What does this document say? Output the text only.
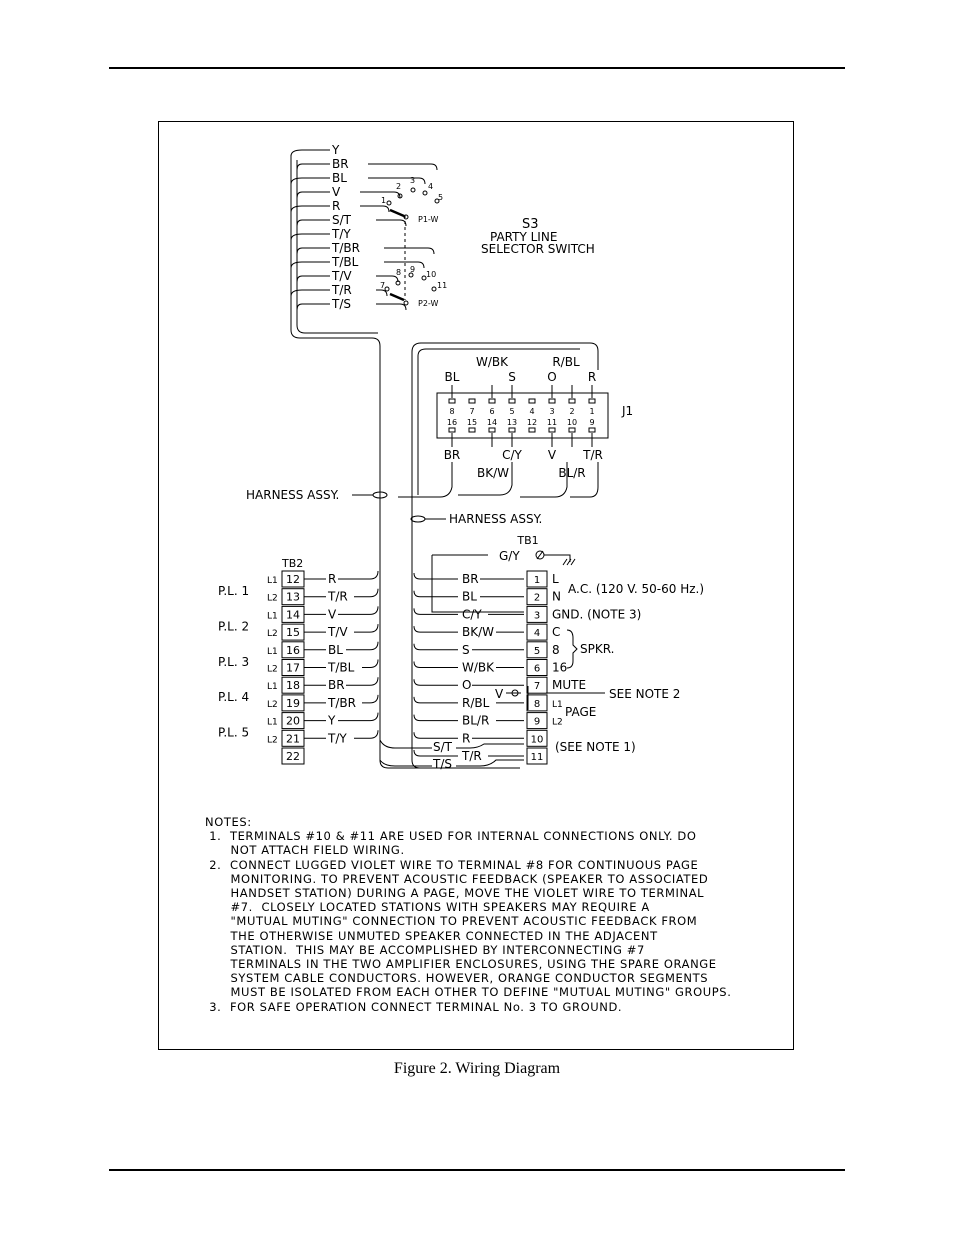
Y
BR
BL
V
R
S/T
T/Y
T/BR
T/BL
T/V
T/R
T/S
1
2
3
4
5
7
8 9
10
11
P1-W
P2-W
S3
PARTY LINE
SELECTOR SWITCH
8 7 6 5 4 3 2 1
16 15 14 13 12 11 10 9
J1
BL
W/BK
S	O
R/BL
R
BR	C/Y
BK/W
V
BL/R
T/R
HARNESS ASSY.
HARNESS ASSY.
TB2
12
L1	R
13
L2	T/R
14
L1	V
15
L2	T/V
16
L1	BL
17
L2	T/BL
18
L1	BR
19
L2	T/BR
20
L1	Y
21
L2	T/Y
22
P.L. 1
P.L. 2
P.L. 3
P.L. 4
P.L. 5
TB1
G/Y
1
BR	L
2
BL	N
3
C/Y	GND. (NOTE 3)
4
BK/W	C
5
S	8
6
W/BK	16
7
O	MUTE
8
R/BL	L1
9
BL/R	L2
10
R
11
T/R
A.C. (120 V. 50-60 Hz.)
SPKR.
PAGE
SEE NOTE 2
(SEE NOTE 1)
V
S/T
T/S
NOTES:
1.  TERMINALS #10 & #11 ARE USED FOR INTERNAL CONNECTIONS ONLY. DO
NOT ATTACH FIELD WIRING.
2.  CONNECT LUGGED VIOLET WIRE TO TERMINAL #8 FOR CONTINUOUS PAGE
MONITORING. TO PREVENT ACOUSTIC FEEDBACK (SPEAKER TO ASSOCIATED
HANDSET STATION) DURING A PAGE, MOVE THE VIOLET WIRE TO TERMINAL
#7.  CLOSELY LOCATED STATIONS WITH SPEAKERS MAY REQUIRE A
"MUTUAL MUTING" CONNECTION TO PREVENT ACOUSTIC FEEDBACK FROM
THE OTHERWISE UNMUTED SPEAKER CONNECTED IN THE ADJACENT
STATION.  THIS MAY BE ACCOMPLISHED BY INTERCONNECTING #7
TERMINALS IN THE TWO AMPLIFIER ENCLOSURES, USING THE SPARE ORANGE
SYSTEM CABLE CONDUCTORS. HOWEVER, ORANGE CONDUCTOR SEGMENTS
MUST BE ISOLATED FROM EACH OTHER TO DEFINE "MUTUAL MUTING" GROUPS.
3.  FOR SAFE OPERATION CONNECT TERMINAL No. 3 TO GROUND.
Figure 2. Wiring Diagram
